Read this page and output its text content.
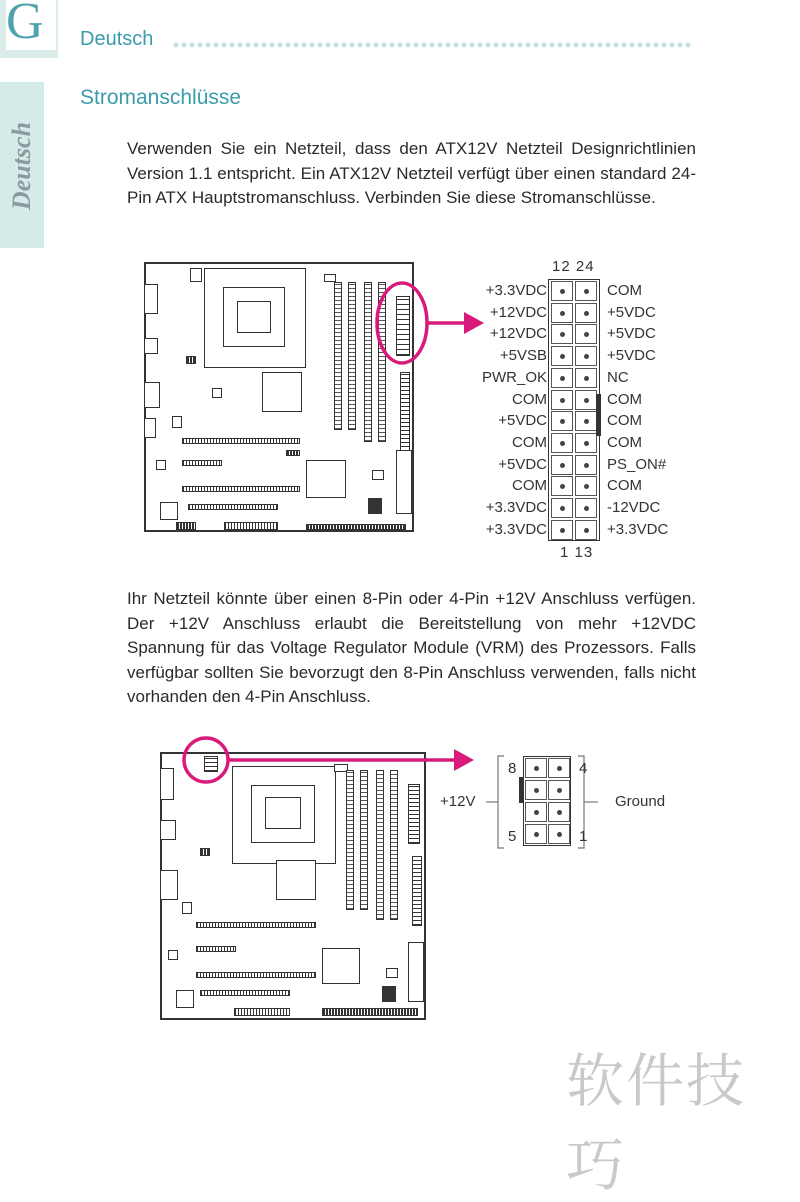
G
Deutsch
Deutsch
Stromanschlüsse
Verwenden Sie ein Netzteil, dass den ATX12V Netzteil Designrichtlinien Version 1.1 entspricht. Ein ATX12V Netzteil verfügt über einen standard 24-Pin ATX Hauptstromanschluss. Verbinden Sie diese Stromanschlüsse.
12 24
+3.3VDC	COM
+12VDC	+5VDC
+12VDC	+5VDC
+5VSB	+5VDC
PWR_OK	NC
COM	COM
+5VDC	COM
COM	COM
+5VDC	PS_ON#
COM	COM
+3.3VDC	-12VDC
+3.3VDC	+3.3VDC
1 13
Ihr Netzteil könnte über einen 8-Pin oder 4-Pin +12V Anschluss verfügen. Der +12V Anschluss erlaubt die Bereitstellung von mehr +12VDC Spannung für das Voltage Regulator Module (VRM) des Prozessors. Falls verfügbar sollten Sie bevorzugt den 8-Pin Anschluss verwenden, falls nicht vorhanden den 4-Pin Anschluss.
8	4
5	1
+12V	Ground
软件技巧
